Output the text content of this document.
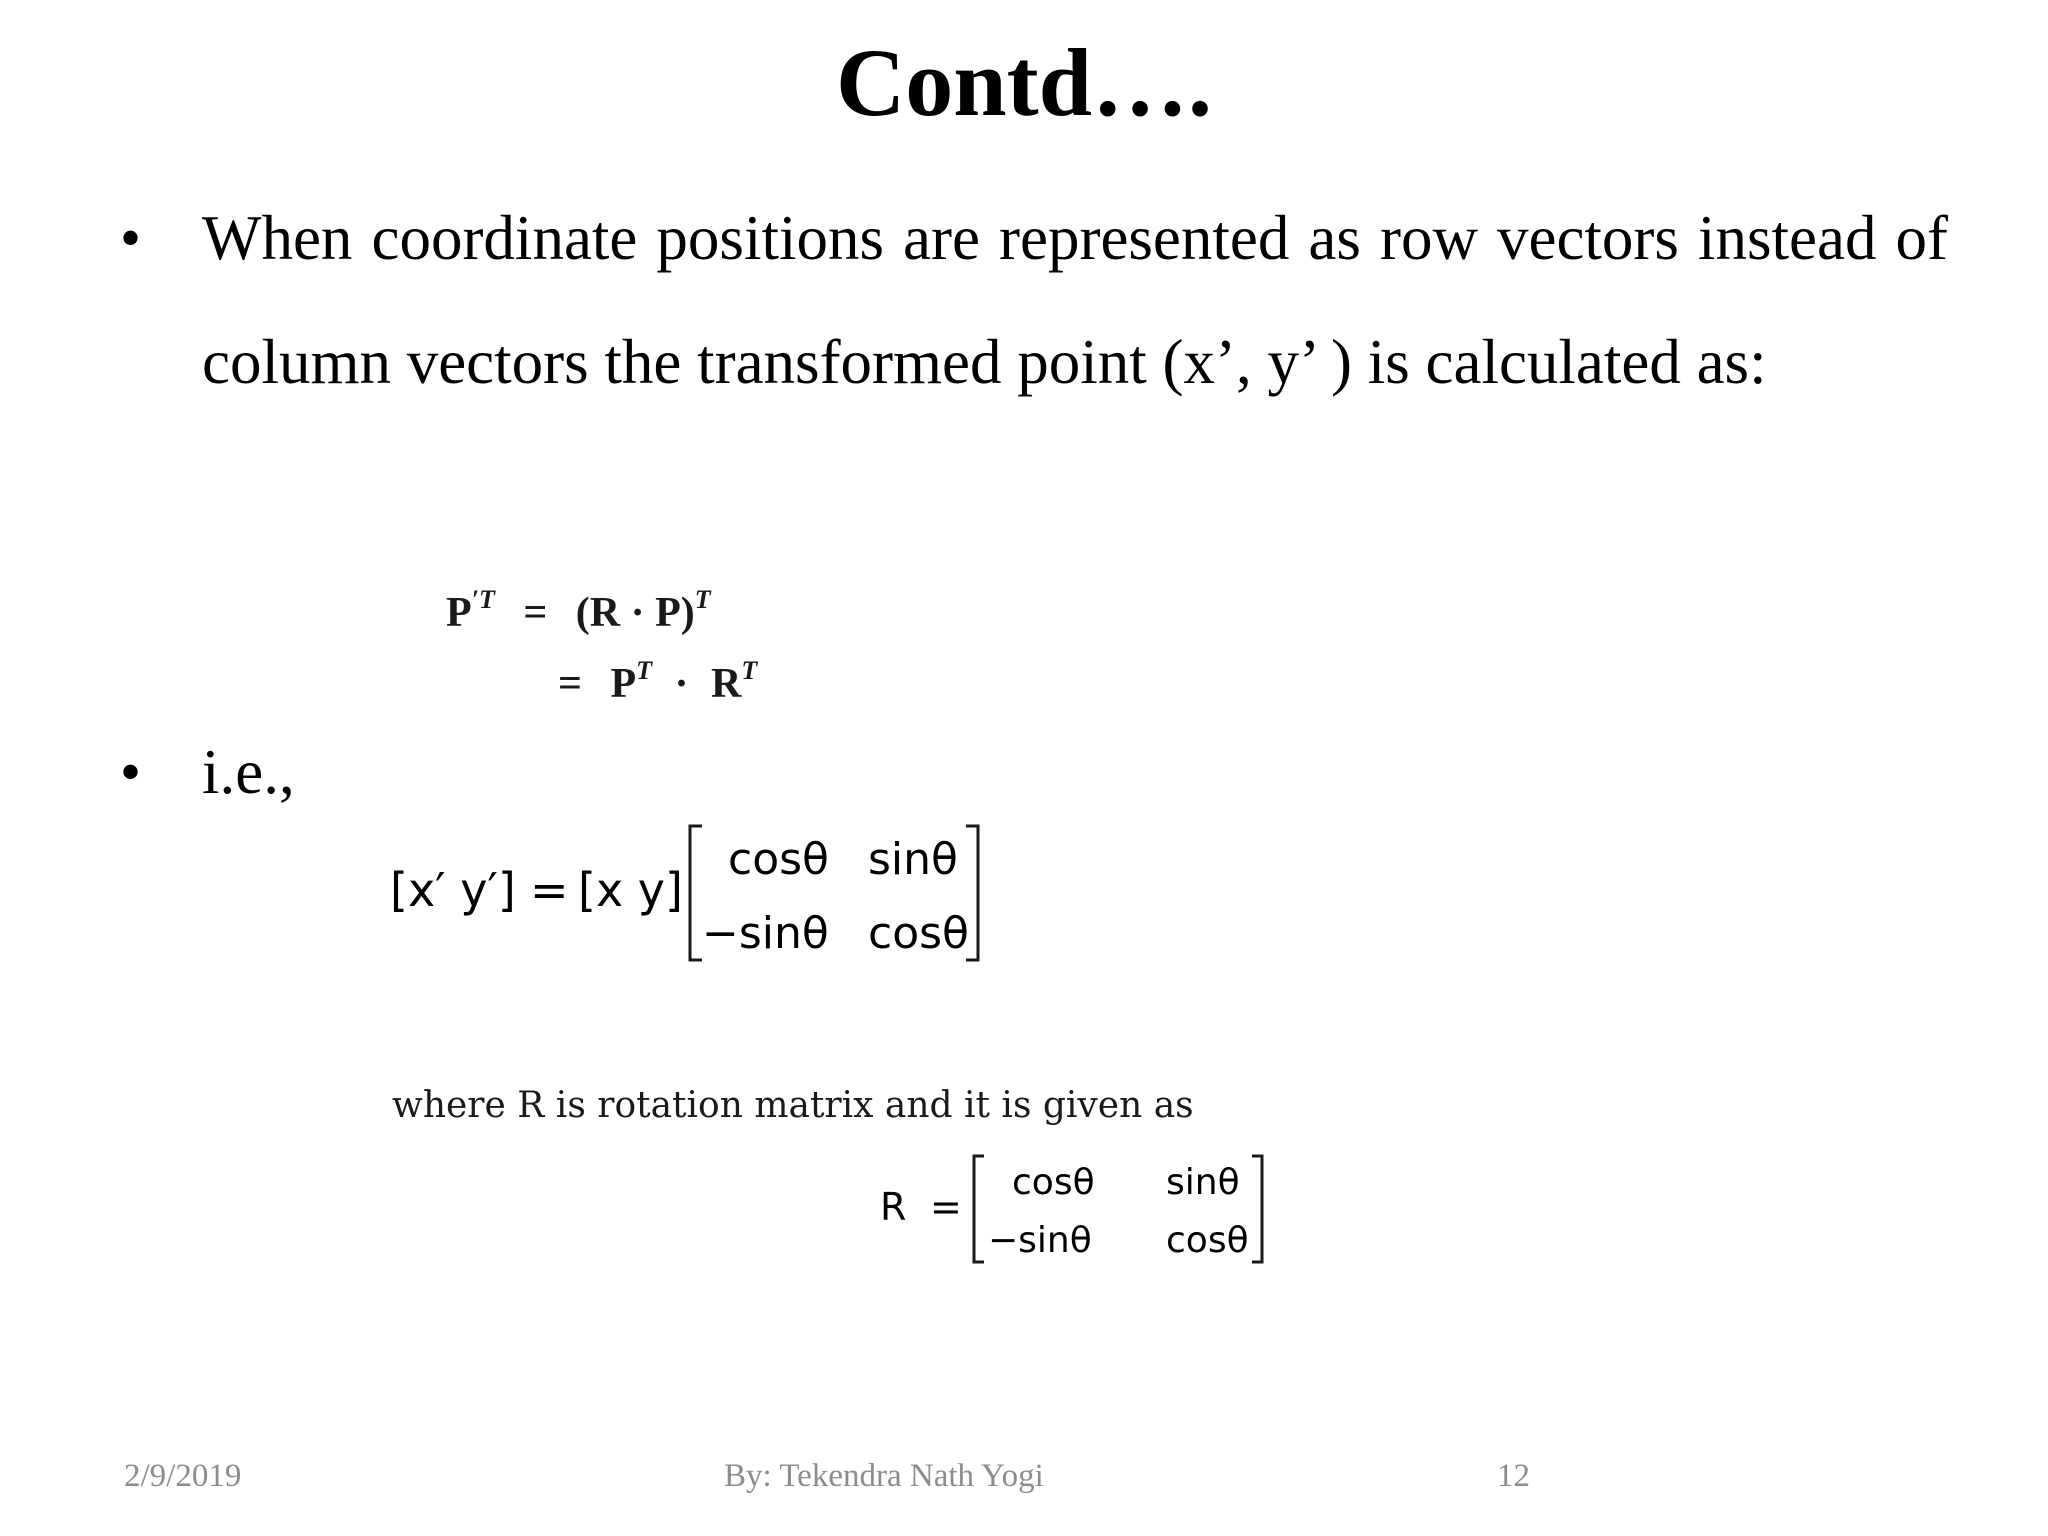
Contd….
• When coordinate positions are represented as row vectors instead of column vectors the transformed point (x’, y’ ) is calculated as:
$P^{'T} = (R \cdot P)^T$
= $P^T \cdot R^T$
• i.e.,
[x′ y′] = [x y]
cosθ sinθ
−sinθ cosθ
where R is rotation matrix and it is given as
R =
cosθ sinθ
−sinθ cosθ
2/9/2019	By: Tekendra Nath Yogi	12
